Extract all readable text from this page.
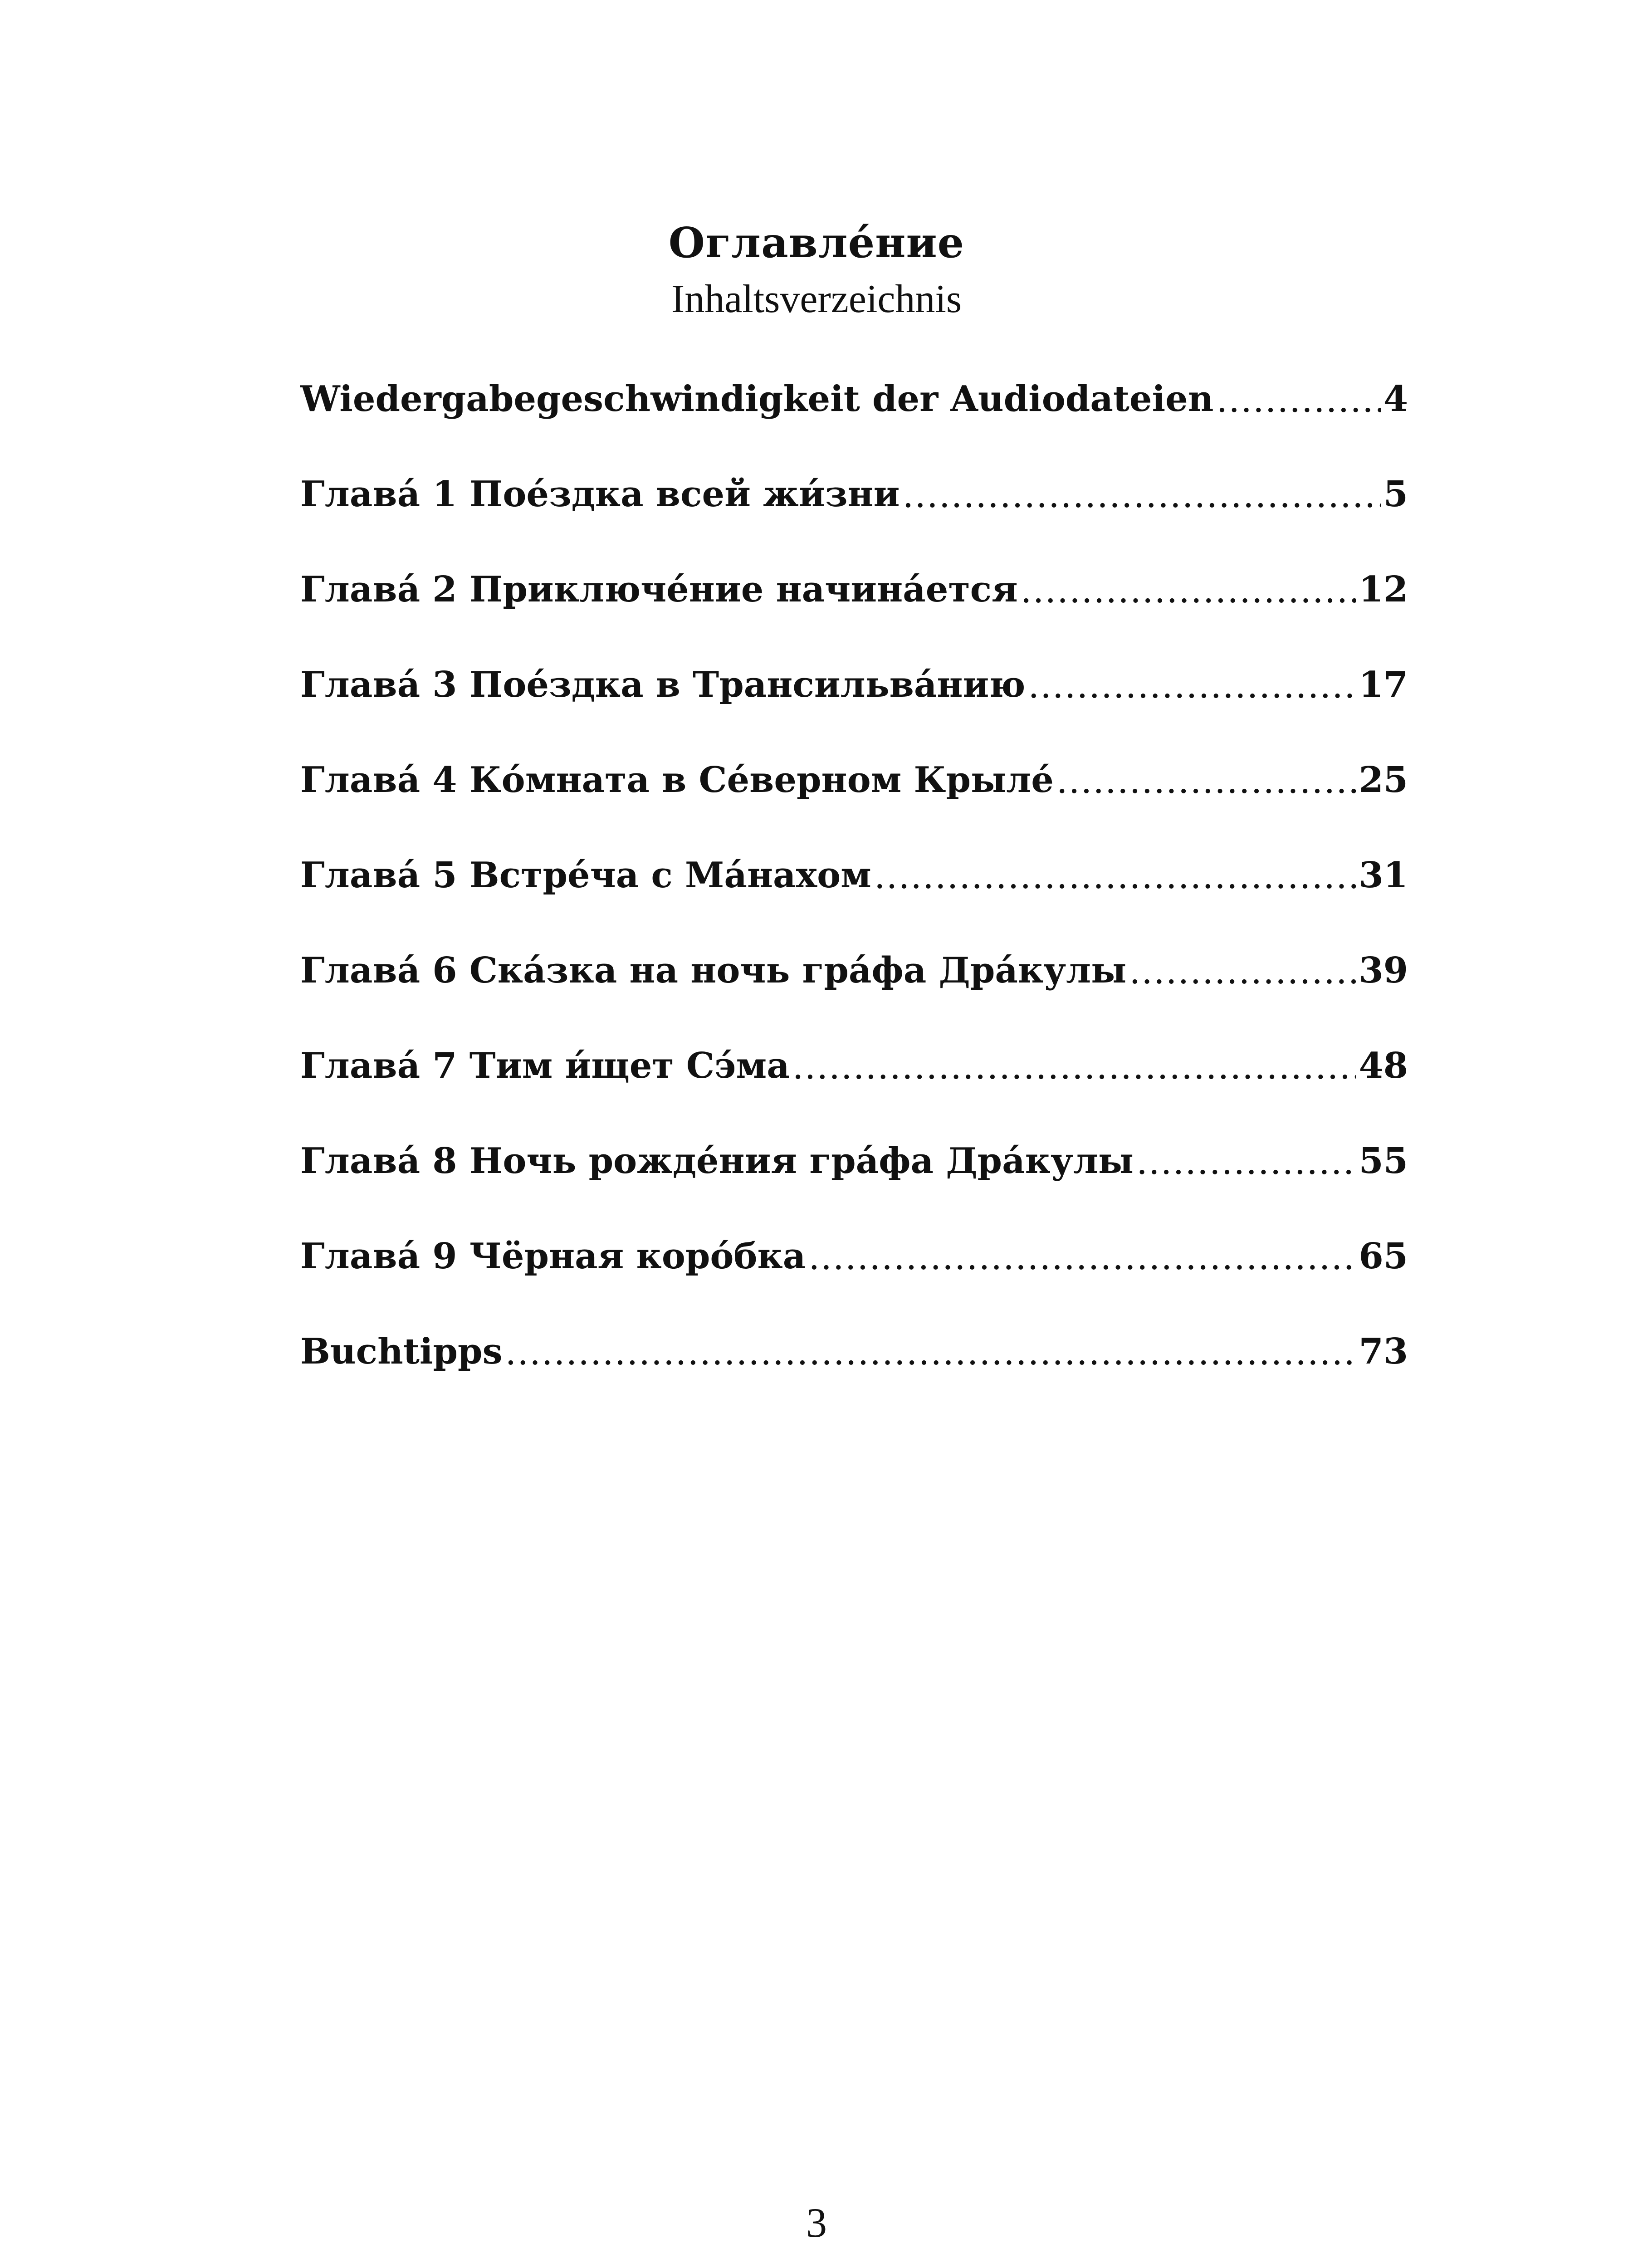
Оглавле́ние
Inhaltsverzeichnis
Wiedergabegeschwindigkeit der Audiodateien .....	4
Глава́ 1 Пое́здка всей жи́зни .....	5
Глава́ 2 Приключе́ние начина́ется .....	12
Глава́ 3 Пое́здка в Трансильва́нию .....	17
Глава́ 4 Ко́мната в Се́верном Крыле́ .....	25
Глава́ 5 Встре́ча с Ма́нахом .....	31
Глава́ 6 Ска́зка на ночь гра́фа Дра́кулы .....	39
Глава́ 7 Тим и́щет Сэ́ма .....	48
Глава́ 8 Ночь рожде́ния гра́фа Дра́кулы .....	55
Глава́ 9 Чёрная коро́бка .....	65
Buchtipps .....	73
3
